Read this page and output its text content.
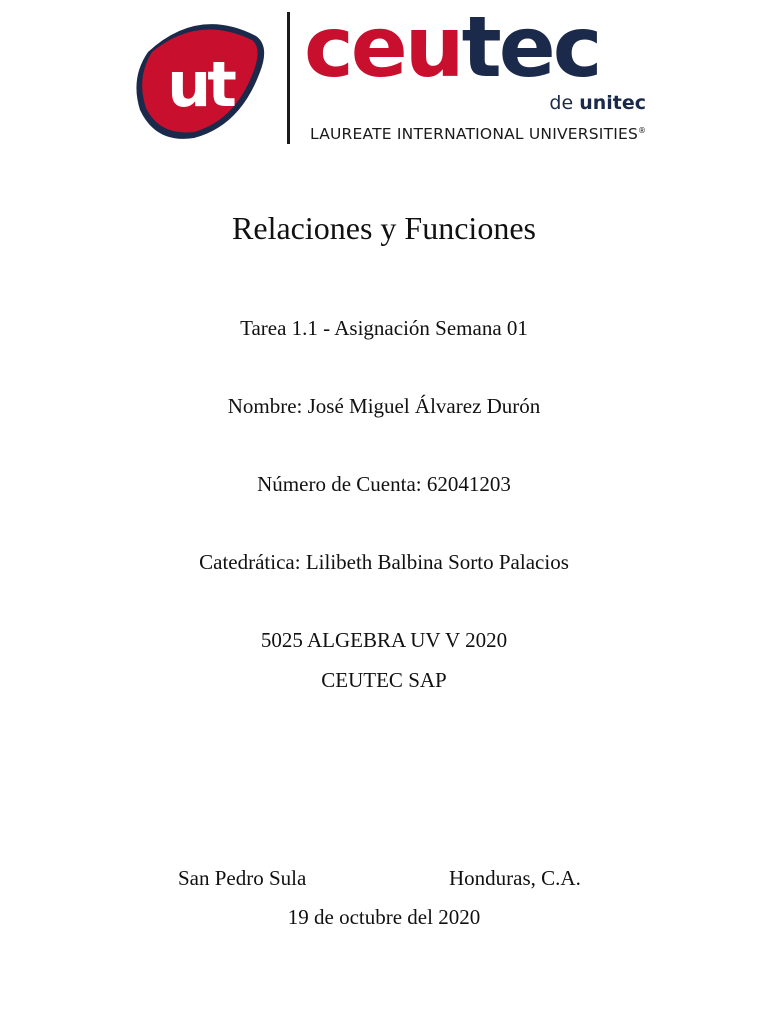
ut ceutec
de unitec
LAUREATE INTERNATIONAL UNIVERSITIES®
Relaciones y Funciones
Tarea 1.1 - Asignación Semana 01
Nombre: José Miguel Álvarez Durón
Número de Cuenta: 62041203
Catedrática: Lilibeth Balbina Sorto Palacios
5025 ALGEBRA UV V 2020
CEUTEC SAP
San Pedro Sula	Honduras, C.A.
19 de octubre del 2020
